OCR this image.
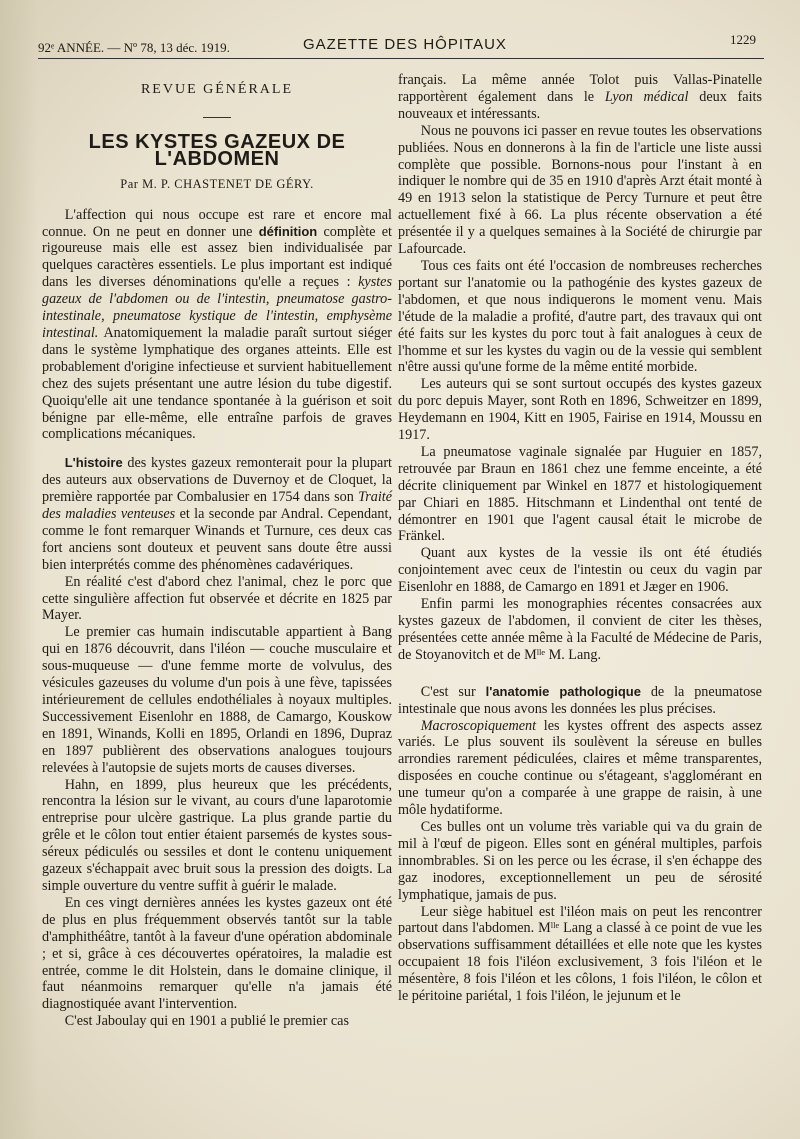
92ᵉ ANNÉE. — Nº 78, 13 déc. 1919.	GAZETTE DES HÔPITAUX	1229
REVUE GÉNÉRALE
LES KYSTES GAZEUX DE L'ABDOMEN
Par M. P. CHASTENET DE GÉRY.

L'affection qui nous occupe est rare et encore mal connue. On ne peut en donner une définition complète et rigoureuse mais elle est assez bien individualisée par quelques caractères essentiels. Le plus important est indiqué dans les diverses dénominations qu'elle a reçues : kystes gazeux de l'abdomen ou de l'intestin, pneumatose gastro-intestinale, pneumatose kystique de l'intestin, emphysème intestinal. Anatomiquement la maladie paraît surtout siéger dans le système lymphatique des organes atteints. Elle est probablement d'origine infectieuse et survient habituellement chez des sujets présentant une autre lésion du tube digestif. Quoiqu'elle ait une tendance spontanée à la guérison et soit bénigne par elle-même, elle entraîne parfois de graves complications mécaniques.

L'histoire des kystes gazeux remonterait pour la plupart des auteurs aux observations de Duvernoy et de Cloquet, la première rapportée par Combalusier en 1754 dans son Traité des maladies venteuses et la seconde par Andral. Cependant, comme le font remarquer Winands et Turnure, ces deux cas fort anciens sont douteux et peuvent sans doute être aussi bien interprétés comme des phénomènes cadavériques.

En réalité c'est d'abord chez l'animal, chez le porc que cette singulière affection fut observée et décrite en 1825 par Mayer.

Le premier cas humain indiscutable appartient à Bang qui en 1876 découvrit, dans l'iléon — couche musculaire et sous-muqueuse — d'une femme morte de volvulus, des vésicules gazeuses du volume d'un pois à une fève, tapissées intérieurement de cellules endothéliales à noyaux multiples. Successivement Eisenlohr en 1888, de Camargo, Kouskow en 1891, Winands, Kolli en 1895, Orlandi en 1896, Dupraz en 1897 publièrent des observations analogues toujours relevées à l'autopsie de sujets morts de causes diverses.

Hahn, en 1899, plus heureux que les précédents, rencontra la lésion sur le vivant, au cours d'une laparotomie entreprise pour ulcère gastrique. La plus grande partie du grêle et le côlon tout entier étaient parsemés de kystes sous-séreux pédiculés ou sessiles et dont le contenu uniquement gazeux s'échappait avec bruit sous la pression des doigts. La simple ouverture du ventre suffit à guérir le malade.

En ces vingt dernières années les kystes gazeux ont été de plus en plus fréquemment observés tantôt sur la table d'amphithéâtre, tantôt à la faveur d'une opération abdominale ; et si, grâce à ces découvertes opératoires, la maladie est entrée, comme le dit Holstein, dans le domaine clinique, il faut néanmoins remarquer qu'elle n'a jamais été diagnostiquée avant l'intervention.

C'est Jaboulay qui en 1901 a publié le premier cas

français. La même année Tolot puis Vallas-Pinatelle rapportèrent également dans le Lyon médical deux faits nouveaux et intéressants.

Nous ne pouvons ici passer en revue toutes les observations publiées. Nous en donnerons à la fin de l'article une liste aussi complète que possible. Bornons-nous pour l'instant à en indiquer le nombre qui de 35 en 1910 d'après Arzt était monté à 49 en 1913 selon la statistique de Percy Turnure et peut être actuellement fixé à 66. La plus récente observation a été présentée il y a quelques semaines à la Société de chirurgie par Lafourcade.

Tous ces faits ont été l'occasion de nombreuses recherches portant sur l'anatomie ou la pathogénie des kystes gazeux de l'abdomen, et que nous indiquerons le moment venu. Mais l'étude de la maladie a profité, d'autre part, des travaux qui ont été faits sur les kystes du porc tout à fait analogues à ceux de l'homme et sur les kystes du vagin ou de la vessie qui semblent n'être aussi qu'une forme de la même entité morbide.

Les auteurs qui se sont surtout occupés des kystes gazeux du porc depuis Mayer, sont Roth en 1896, Schweitzer en 1899, Heydemann en 1904, Kitt en 1905, Fairise en 1914, Moussu en 1917.

La pneumatose vaginale signalée par Huguier en 1857, retrouvée par Braun en 1861 chez une femme enceinte, a été décrite cliniquement par Winkel en 1877 et histologiquement par Chiari en 1885. Hitschmann et Lindenthal ont tenté de démontrer en 1901 que l'agent causal était le microbe de Fränkel.

Quant aux kystes de la vessie ils ont été étudiés conjointement avec ceux de l'intestin ou ceux du vagin par Eisenlohr en 1888, de Camargo en 1891 et Jæger en 1906.

Enfin parmi les monographies récentes consacrées aux kystes gazeux de l'abdomen, il convient de citer les thèses, présentées cette année même à la Faculté de Médecine de Paris, de Stoyanovitch et de Mˡˡᵉ M. Lang.

C'est sur l'anatomie pathologique de la pneumatose intestinale que nous avons les données les plus précises.

Macroscopiquement les kystes offrent des aspects assez variés. Le plus souvent ils soulèvent la séreuse en bulles arrondies rarement pédiculées, claires et même transparentes, disposées en couche continue ou s'étageant, s'agglomérant en une tumeur qu'on a comparée à une grappe de raisin, à une môle hydatiforme.

Ces bulles ont un volume très variable qui va du grain de mil à l'œuf de pigeon. Elles sont en général multiples, parfois innombrables. Si on les perce ou les écrase, il s'en échappe des gaz inodores, exceptionnellement un peu de sérosité lymphatique, jamais de pus.

Leur siège habituel est l'iléon mais on peut les rencontrer partout dans l'abdomen. Mˡˡᵉ Lang a classé à ce point de vue les observations suffisamment détaillées et elle note que les kystes occupaient 18 fois l'iléon exclusivement, 3 fois l'iléon et le mésentère, 8 fois l'iléon et les côlons, 1 fois l'iléon, le côlon et le péritoine pariétal, 1 fois l'iléon, le jejunum et le
